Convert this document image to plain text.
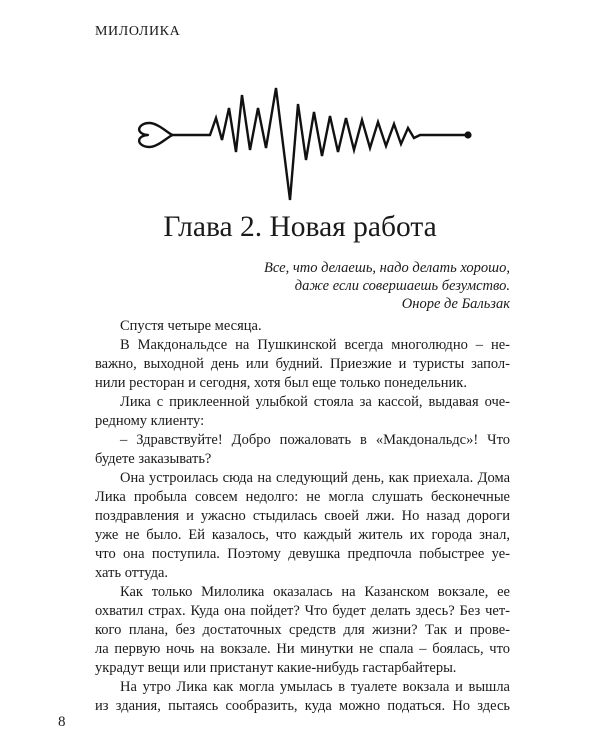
МИЛОЛИКА
Глава 2. Новая работа
Все, что делаешь, надо делать хорошо,
даже если совершаешь безумство.
Оноре де Бальзак
Спустя четыре месяца.
В Макдональдсе на Пушкинской всегда многолюдно – не-
важно, выходной день или будний. Приезжие и туристы запол-
нили ресторан и сегодня, хотя был еще только понедельник.
Лика с приклеенной улыбкой стояла за кассой, выдавая оче-
редному клиенту:
– Здравствуйте! Добро пожаловать в «Макдональдс»! Что
будете заказывать?
Она устроилась сюда на следующий день, как приехала. Дома
Лика пробыла совсем недолго: не могла слушать бесконечные
поздравления и ужасно стыдилась своей лжи. Но назад дороги
уже не было. Ей казалось, что каждый житель их города знал,
что она поступила. Поэтому девушка предпочла побыстрее уе-
хать оттуда.
Как только Милолика оказалась на Казанском вокзале, ее
охватил страх. Куда она пойдет? Что будет делать здесь? Без чет-
кого плана, без достаточных средств для жизни? Так и прове-
ла первую ночь на вокзале. Ни минутки не спала – боялась, что
украдут вещи или пристанут какие-нибудь гастарбайтеры.
На утро Лика как могла умылась в туалете вокзала и вышла
из здания, пытаясь сообразить, куда можно податься. Но здесь
8
